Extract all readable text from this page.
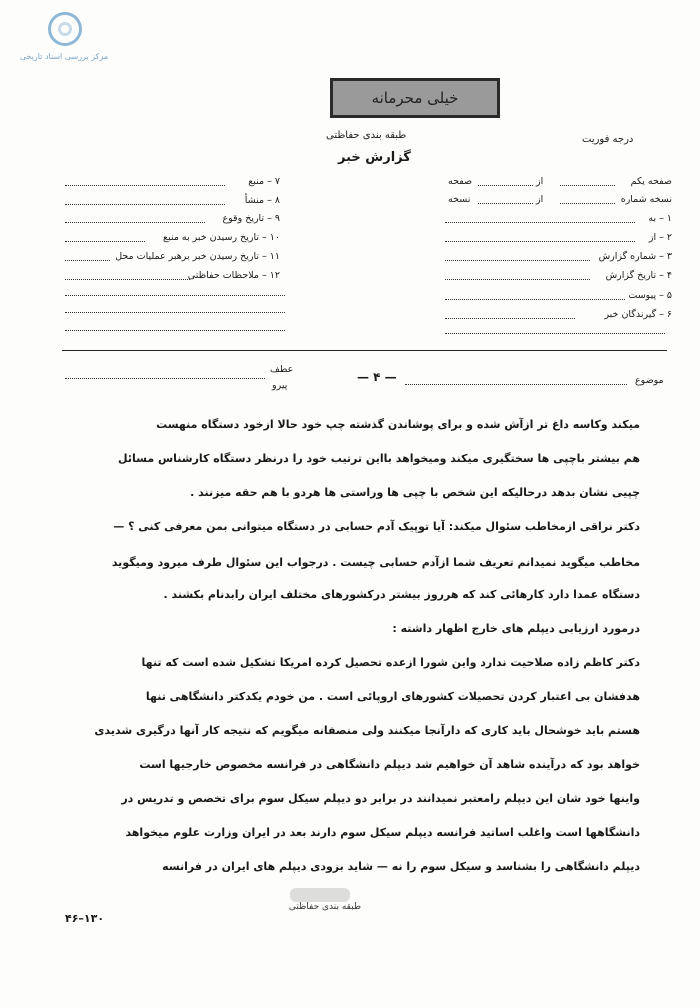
مرکز بررسی اسناد تاریخی
خیلی محرمانه
طبقه بندی حفاظتی
گزارش خبر
درجه فوریت
۷ – منبع
۸ – منشأ
۹ – تاریخ وقوع
۱۰ – تاریخ رسیدن خبر به منبع
۱۱ – تاریخ رسیدن خبر برهبر عملیات محل
۱۲ – ملاحظات حفاظتی
صفحه یکم
از
صفحه
نسخه شماره
از
نسخه
۱ – به
۲ – از
۳ – شماره گزارش
۴ – تاریخ گزارش
۵ – پیوست
۶ – گیرندگان خبر
موضوع
— ۴ —
عطف
پیرو
میکند وکاسه داغ تر ازآش شده و برای پوشاندن گذشته چپ خود حالا ازخود دستگاه منهست
هم بیشتر باچپی ها سختگیری میکند ومیخواهد بااین ترتیب خود را درنظر دستگاه کارشناس مسائل
چپیی نشان بدهد درحالیکه این شخص با چپی ها وراستی ها هردو با هم حقه میزنند .
دکتر نراقی ازمخاطب سئوال میکند: آیا توپیک آدم حسابی در دستگاه میتوانی بمن معرفی کنی ؟ —
مخاطب میگوید نمیدانم تعریف شما ازآدم حسابی چیست . درجواب این سئوال طرف میرود ومیگوید
دستگاه عمدا دارد کارهائی کند که هرروز بیشتر درکشورهای مختلف ایران رابدنام بکشند .
درمورد ارزیابی دیپلم های خارج اظهار داشته :
دکتر کاظم زاده صلاحیت ندارد واین شورا ازعده تحصیل کرده امریکا تشکیل شده است که تنها
هدفشان بی اعتبار کردن تحصیلات کشورهای اروپائی است . من خودم یکدکتر دانشگاهی تنها
هستم باید خوشحال باید کاری که دارآنجا میکنند ولی منصفانه میگویم که نتیجه کار آنها درگیری شدیدی
خواهد بود که درآینده شاهد آن خواهیم شد دیپلم دانشگاهی در فرانسه مخصوص خارجیها است
واینها خود شان این دیپلم رامعتبر نمیدانند در برابر دو دیپلم سیکل سوم برای تخصص و تدریس در
دانشگاهها است واغلب اساتید فرانسه دیپلم سیکل سوم دارند بعد در ایران وزارت علوم میخواهد
دیپلم دانشگاهی را بشناسد و سیکل سوم را نه — شاید بزودی دیپلم های ایران در فرانسه
طبقه بندی حفاظتی
۴۶–۱۳۰
